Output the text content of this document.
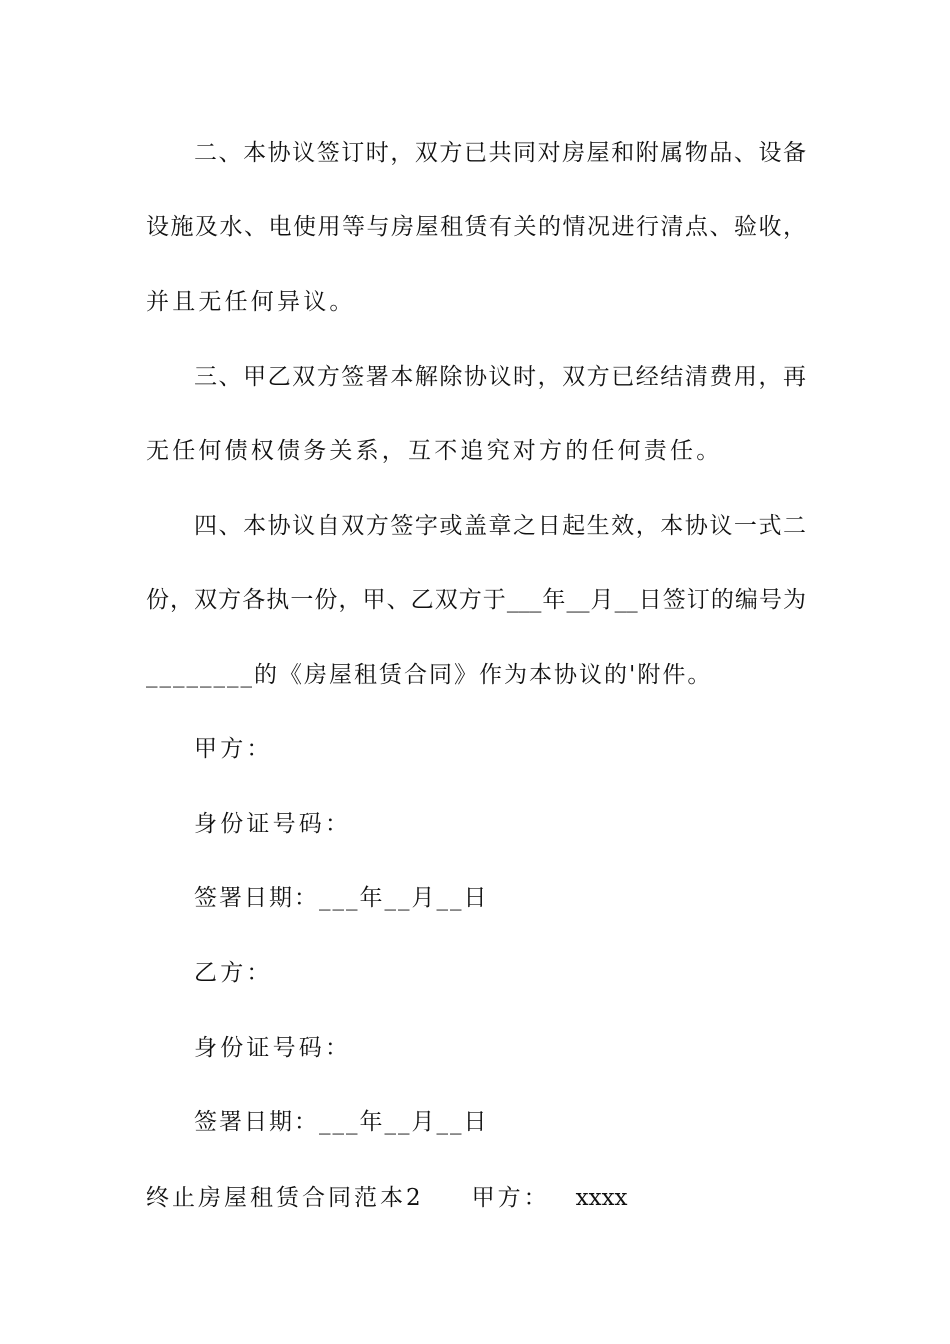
二、本协议签订时，双方已共同对房屋和附属物品、设备
设施及水、电使用等与房屋租赁有关的情况进行清点、验收，
并且无任何异议。
三、甲乙双方签署本解除协议时，双方已经结清费用，再
无任何债权债务关系，互不追究对方的任何责任。
四、本协议自双方签字或盖章之日起生效，本协议一式二
份，双方各执一份，甲、乙双方于___年__月__日签订的编号为
________的《房屋租赁合同》作为本协议的'附件。
甲方：
身份证号码：
签署日期：___年__月__日
乙方：
身份证号码：
签署日期：___年__月__日
终止房屋租赁合同范本2 甲方： xxxx
